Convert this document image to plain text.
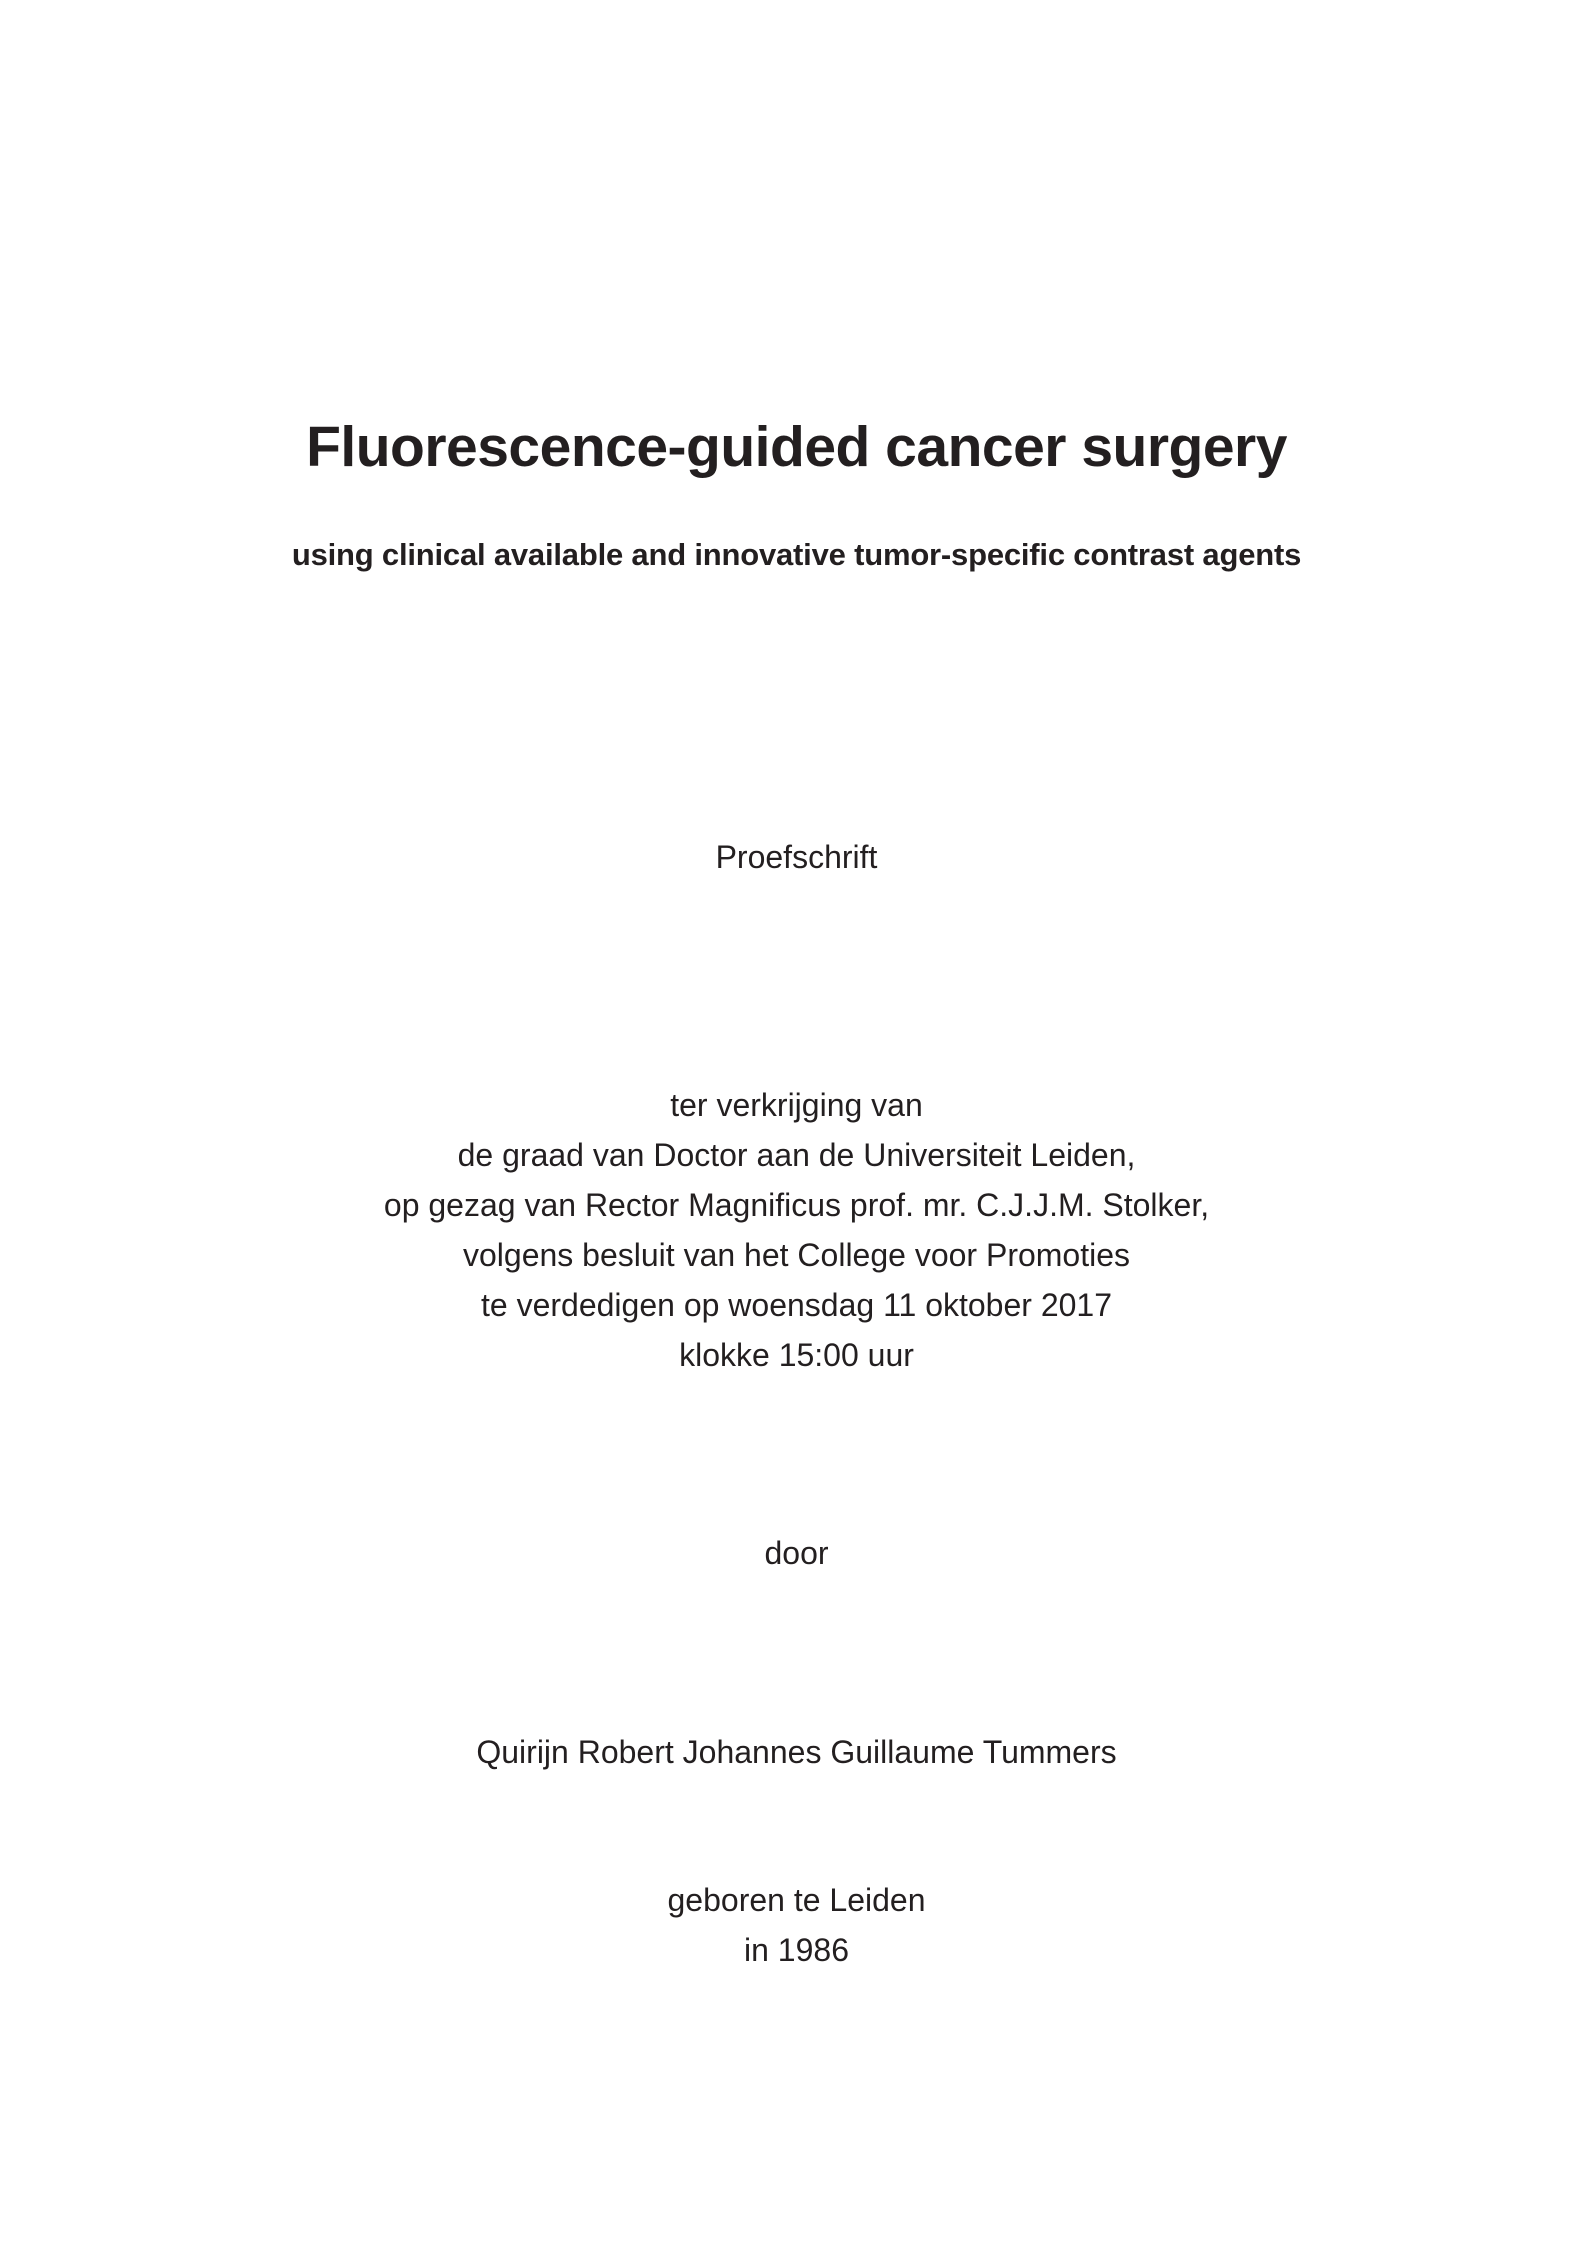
Fluorescence-guided cancer surgery
using clinical available and innovative tumor-specific contrast agents
Proefschrift
ter verkrijging van
de graad van Doctor aan de Universiteit Leiden,
op gezag van Rector Magnificus prof. mr. C.J.J.M. Stolker,
volgens besluit van het College voor Promoties
te verdedigen op woensdag 11 oktober 2017
klokke 15:00 uur
door
Quirijn Robert Johannes Guillaume Tummers
geboren te Leiden
in 1986
